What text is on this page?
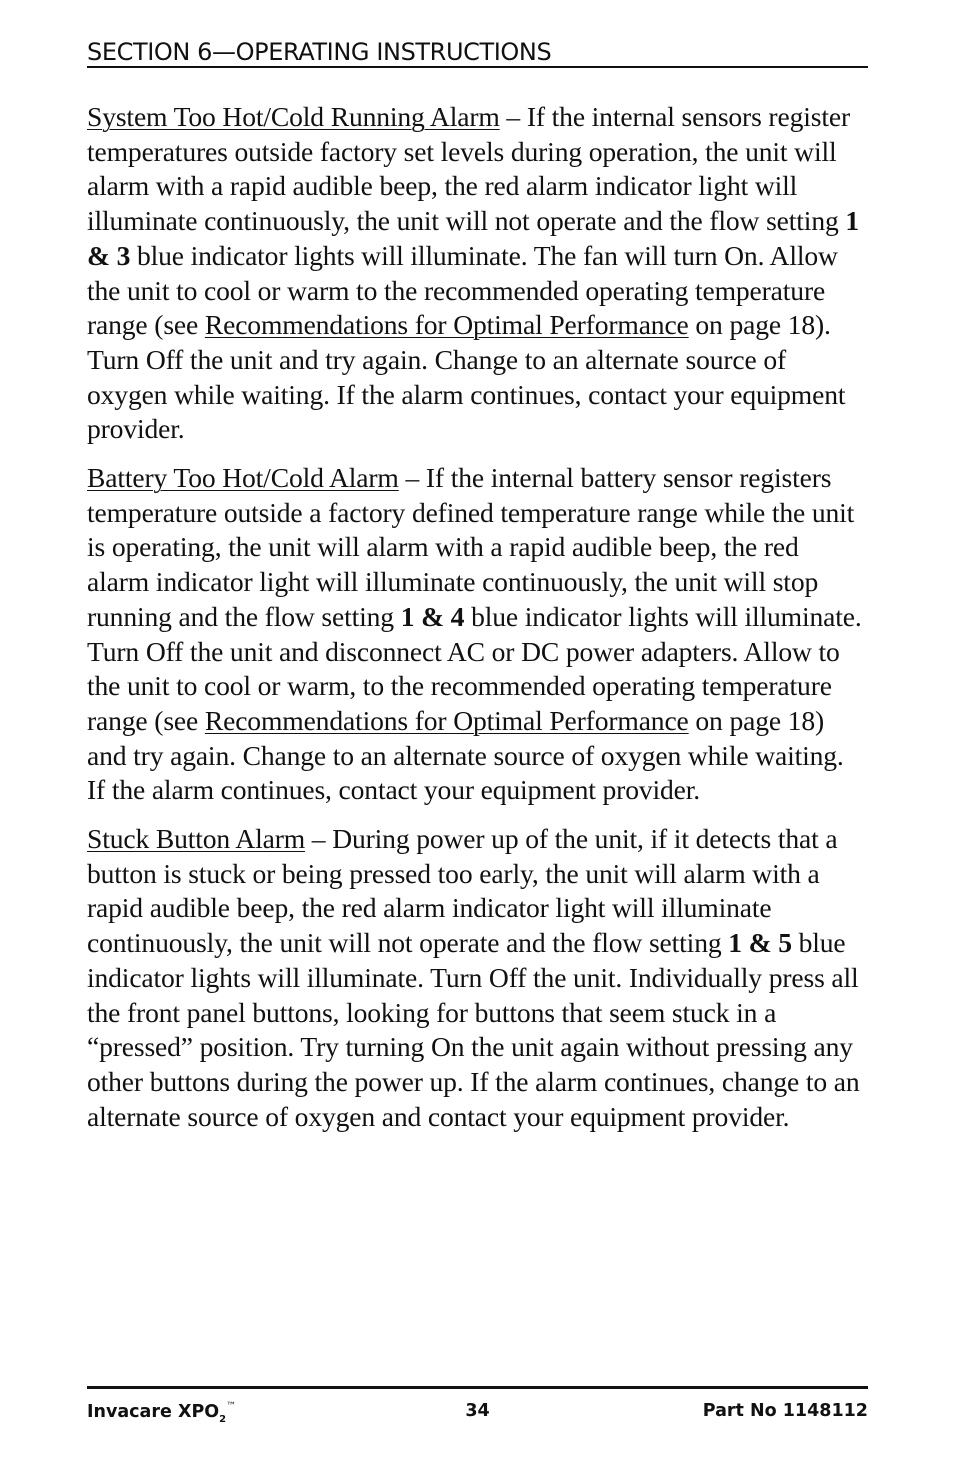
SECTION 6—OPERATING INSTRUCTIONS

System Too Hot/Cold Running Alarm – If the internal sensors register temperatures outside factory set levels during operation, the unit will alarm with a rapid audible beep, the red alarm indicator light will illuminate continuously, the unit will not operate and the flow setting 1 & 3 blue indicator lights will illuminate. The fan will turn On. Allow the unit to cool or warm to the recommended operating temperature range (see Recommendations for Optimal Performance on page 18). Turn Off the unit and try again. Change to an alternate source of oxygen while waiting. If the alarm continues, contact your equipment provider.

Battery Too Hot/Cold Alarm – If the internal battery sensor registers temperature outside a factory defined temperature range while the unit is operating, the unit will alarm with a rapid audible beep, the red alarm indicator light will illuminate continuously, the unit will stop running and the flow setting 1 & 4 blue indicator lights will illuminate. Turn Off the unit and disconnect AC or DC power adapters. Allow to the unit to cool or warm, to the recommended operating temperature range (see Recommendations for Optimal Performance on page 18) and try again. Change to an alternate source of oxygen while waiting. If the alarm continues, contact your equipment provider.

Stuck Button Alarm – During power up of the unit, if it detects that a button is stuck or being pressed too early, the unit will alarm with a rapid audible beep, the red alarm indicator light will illuminate continuously, the unit will not operate and the flow setting 1 & 5 blue indicator lights will illuminate. Turn Off the unit. Individually press all the front panel buttons, looking for buttons that seem stuck in a “pressed” position. Try turning On the unit again without pressing any other buttons during the power up. If the alarm continues, change to an alternate source of oxygen and contact your equipment provider.

Invacare $XPO_2™$	34	Part No 1148112
